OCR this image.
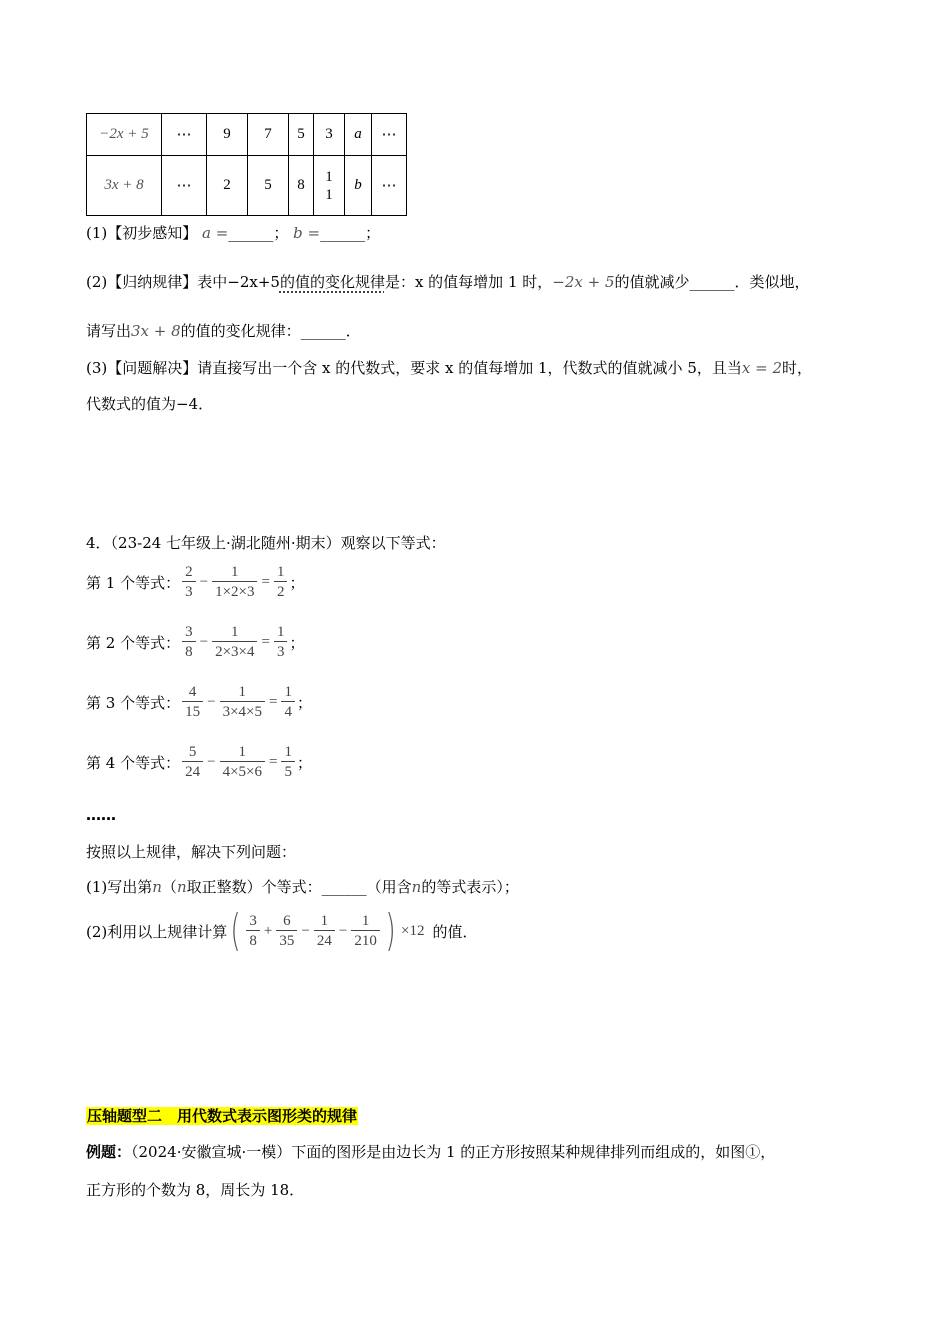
−2x + 5	⋯	9	7	5	3	a	⋯
3x + 8	⋯	2	5	8	11	b	⋯
(1)【初步感知】 a =______； b =______；
(2)【归纳规律】表中−2x+5的值的变化规律是：x 的值每增加 1 时，−2x + 5的值就减少______．类似地，
请写出3x + 8的值的变化规律：______．
(3)【问题解决】请直接写出一个含 x 的代数式，要求 x 的值每增加 1，代数式的值就减小 5，且当x = 2时，
代数式的值为−4．
4．（23-24 七年级上·湖北随州·期末）观察以下等式：
第 1 个等式： $\frac{2}{3} - \frac{1}{1\times 2\times 3} = \frac{1}{2}$ ；
第 2 个等式： $\frac{3}{8} - \frac{1}{2\times 3\times 4} = \frac{1}{3}$ ；
第 3 个等式： $\frac{4}{15} - \frac{1}{3\times 4\times 5} = \frac{1}{4}$ ；
第 4 个等式： $\frac{5}{24} - \frac{1}{4\times 5\times 6} = \frac{1}{5}$ ；
……
按照以上规律，解决下列问题：
(1)写出第n（n取正整数）个等式：______（用含n的等式表示）；
(2)利用以上规律计算 ( $\frac{3}{8} + \frac{6}{35} - \frac{1}{24} - \frac{1}{210}$ ) ×12 的值．
压轴题型二　用代数式表示图形类的规律
例题：（2024·安徽宣城·一模）下面的图形是由边长为 1 的正方形按照某种规律排列而组成的，如图①，
正方形的个数为 8，周长为 18．
